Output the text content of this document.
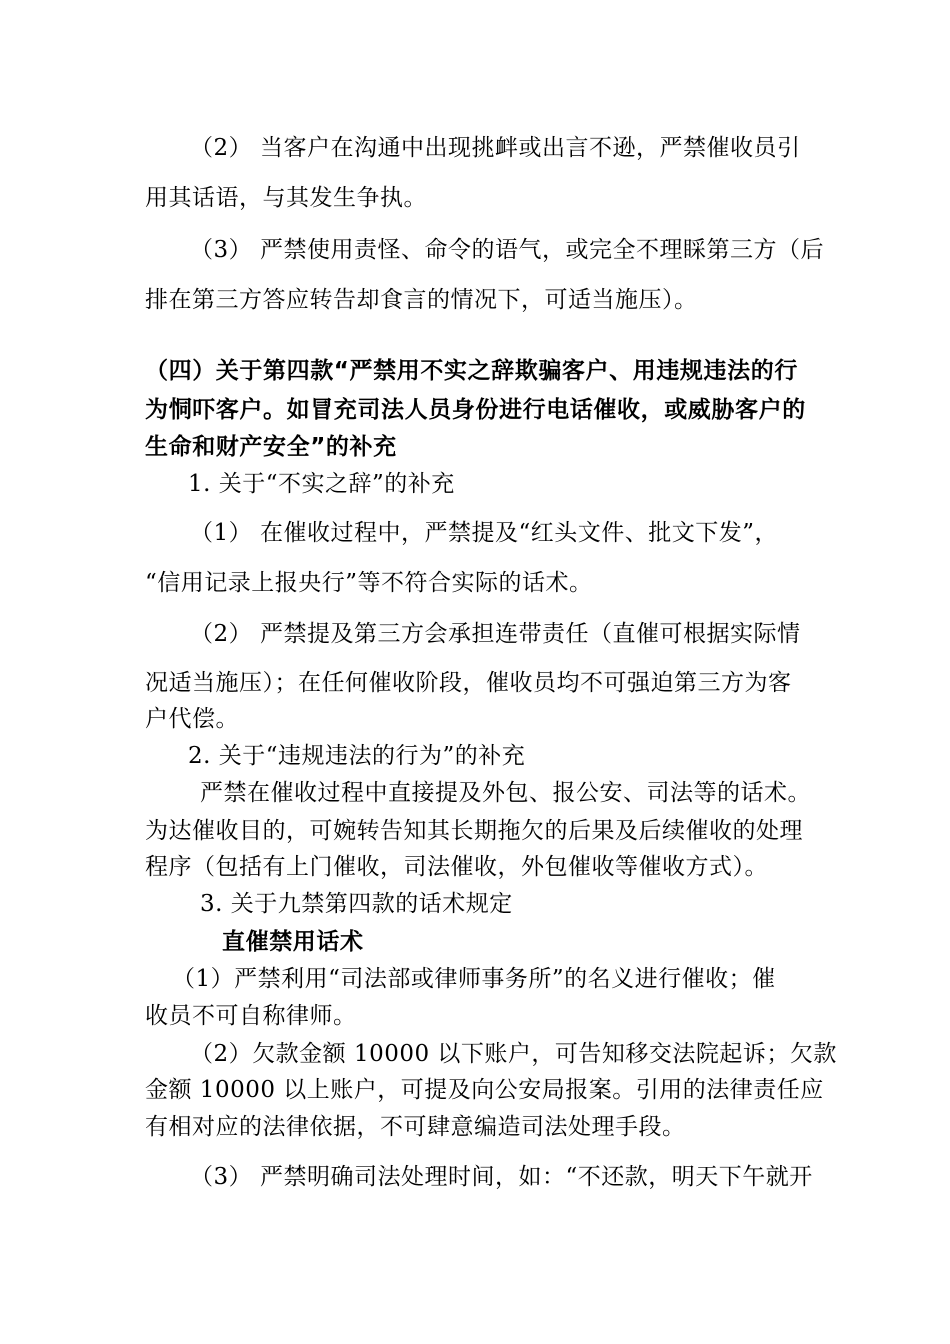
（2） 当客户在沟通中出现挑衅或出言不逊，严禁催收员引
用其话语，与其发生争执。
（3） 严禁使用责怪、命令的语气，或完全不理睬第三方（后
排在第三方答应转告却食言的情况下，可适当施压）。
（四）关于第四款“严禁用不实之辞欺骗客户、用违规违法的行
为恫吓客户。如冒充司法人员身份进行电话催收，或威胁客户的
生命和财产安全”的补充
1. 关于“不实之辞”的补充
（1） 在催收过程中，严禁提及“红头文件、批文下发”，
“信用记录上报央行”等不符合实际的话术。
（2） 严禁提及第三方会承担连带责任（直催可根据实际情
况适当施压）；在任何催收阶段，催收员均不可强迫第三方为客
户代偿。
2. 关于“违规违法的行为”的补充
严禁在催收过程中直接提及外包、报公安、司法等的话术。
为达催收目的，可婉转告知其长期拖欠的后果及后续催收的处理
程序（包括有上门催收，司法催收，外包催收等催收方式）。
3. 关于九禁第四款的话术规定
直催禁用话术
（1）严禁利用“司法部或律师事务所”的名义进行催收；催
收员不可自称律师。
（2）欠款金额 10000 以下账户，可告知移交法院起诉；欠款
金额 10000 以上账户，可提及向公安局报案。引用的法律责任应
有相对应的法律依据，不可肆意编造司法处理手段。
（3） 严禁明确司法处理时间，如：“不还款，明天下午就开
